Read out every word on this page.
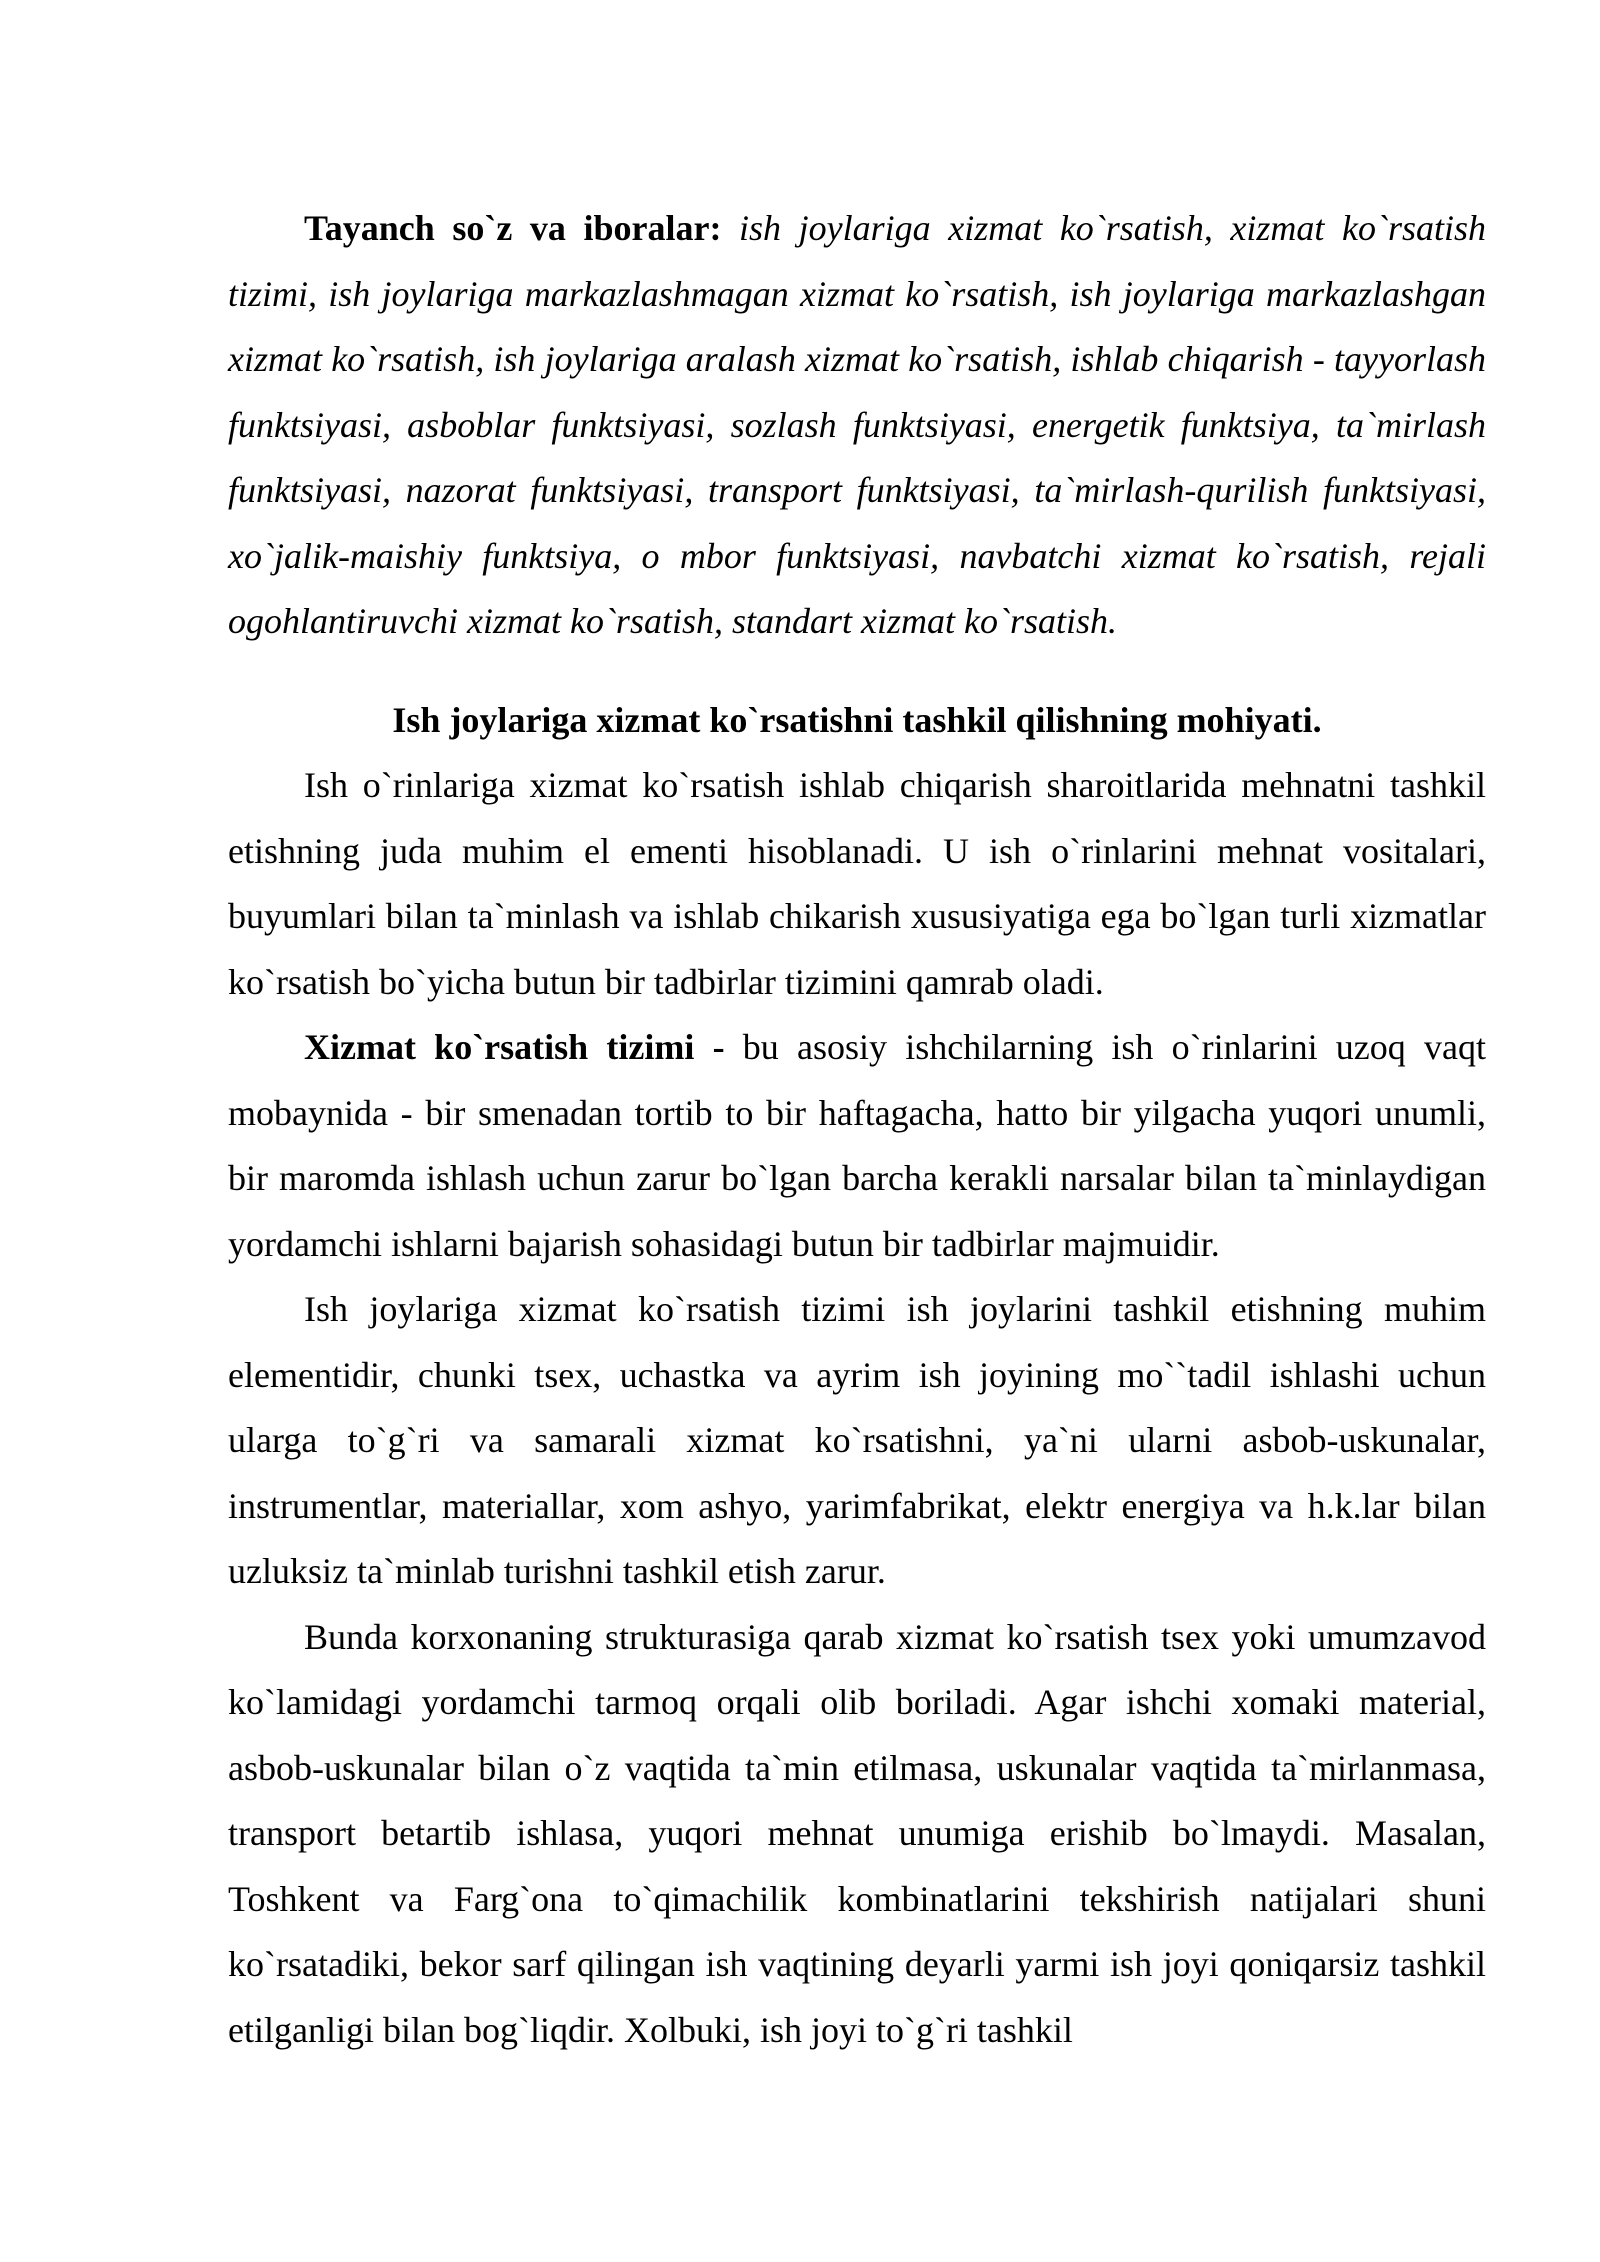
Tayanch so`z va iboralar: ish joylariga xizmat ko`rsatish, xizmat ko`rsatish tizimi, ish joylariga markazlashmagan xizmat ko`rsatish, ish joylariga markazlashgan xizmat ko`rsatish, ish joylariga aralash xizmat ko`rsatish, ishlab chiqarish - tayyorlash funktsiyasi, asboblar funktsiyasi, sozlash funktsiyasi, energetik funktsiya, ta`mirlash funktsiyasi, nazorat funktsiyasi, transport funktsiyasi, ta`mirlash-qurilish funktsiyasi, xo`jalik-maishiy funktsiya, o mbor funktsiyasi, navbatchi xizmat ko`rsatish, rejali ogohlantiruvchi xizmat ko`rsatish, standart xizmat ko`rsatish.

Ish joylariga xizmat ko`rsatishni tashkil qilishning mohiyati.

Ish o`rinlariga xizmat ko`rsatish ishlab chiqarish sharoitlarida mehnatni tashkil etishning juda muhim el ementi hisoblanadi. U ish o`rinlarini mehnat vositalari, buyumlari bilan ta`minlash va ishlab chikarish xususiyatiga ega bo`lgan turli xizmatlar ko`rsatish bo`yicha butun bir tadbirlar tizimini qamrab oladi.

Xizmat ko`rsatish tizimi - bu asosiy ishchilarning ish o`rinlarini uzoq vaqt mobaynida - bir smenadan tortib to bir haftagacha, hatto bir yilgacha yuqori unumli, bir maromda ishlash uchun zarur bo`lgan barcha kerakli narsalar bilan ta`minlaydigan yordamchi ishlarni bajarish sohasidagi butun bir tadbirlar majmuidir.

Ish joylariga xizmat ko`rsatish tizimi ish joylarini tashkil etishning muhim elementidir, chunki tsex, uchastka va ayrim ish joyining mo``tadil ishlashi uchun ularga to`g`ri va samarali xizmat ko`rsatishni, ya`ni ularni asbob-uskunalar, instrumentlar, materiallar, xom ashyo, yarimfabrikat, elektr energiya va h.k.lar bilan uzluksiz ta`minlab turishni tashkil etish zarur.

Bunda korxonaning strukturasiga qarab xizmat ko`rsatish tsex yoki umumzavod ko`lamidagi yordamchi tarmoq orqali olib boriladi. Agar ishchi xomaki material, asbob-uskunalar bilan o`z vaqtida ta`min etilmasa, uskunalar vaqtida ta`mirlanmasa, transport betartib ishlasa, yuqori mehnat unumiga erishib bo`lmaydi. Masalan, Toshkent va Farg`ona to`qimachilik kombinatlarini tekshirish natijalari shuni ko`rsatadiki, bekor sarf qilingan ish vaqtining deyarli yarmi ish joyi qoniqarsiz tashkil etilganligi bilan bog`liqdir. Xolbuki, ish joyi to`g`ri tashkil
